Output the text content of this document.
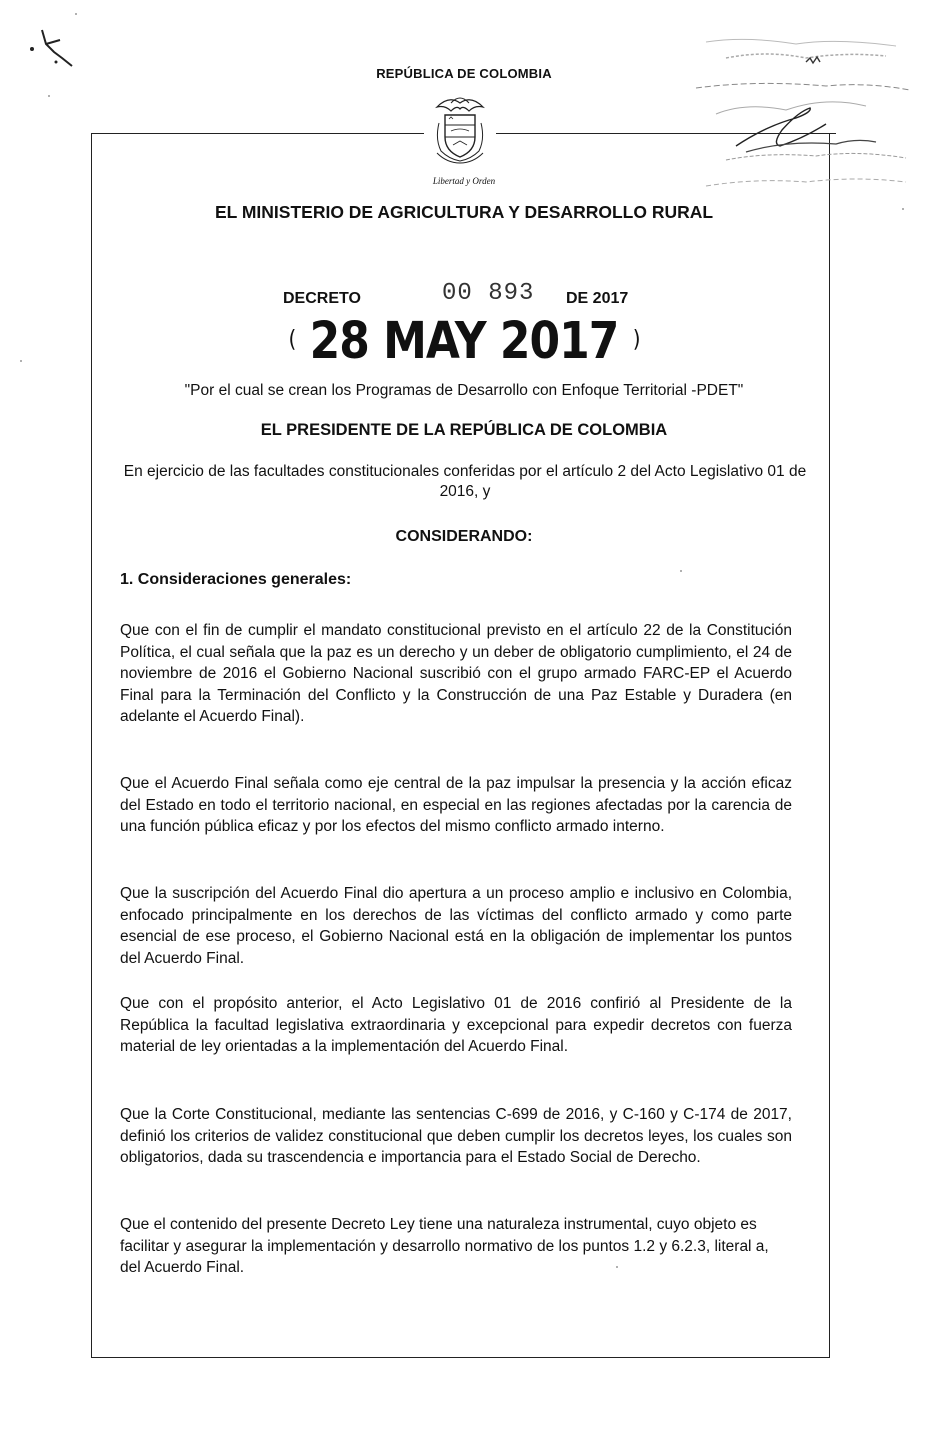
REPÚBLICA DE COLOMBIA
Libertad y Orden
EL MINISTERIO DE AGRICULTURA Y DESARROLLO RURAL
DECRETO	00 893 DE 2017
( 28 MAY 2017 )
"Por el cual se crean los Programas de Desarrollo con Enfoque Territorial -PDET"
EL PRESIDENTE DE LA REPÚBLICA DE COLOMBIA
En ejercicio de las facultades constitucionales conferidas por el artículo 2 del Acto Legislativo 01 de 2016, y
CONSIDERANDO:
1. Consideraciones generales:
Que con el fin de cumplir el mandato constitucional previsto en el artículo 22 de la Constitución Política, el cual señala que la paz es un derecho y un deber de obligatorio cumplimiento, el 24 de noviembre de 2016 el Gobierno Nacional suscribió con el grupo armado FARC-EP el Acuerdo Final para la Terminación del Conflicto y la Construcción de una Paz Estable y Duradera (en adelante el Acuerdo Final).
Que el Acuerdo Final señala como eje central de la paz impulsar la presencia y la acción eficaz del Estado en todo el territorio nacional, en especial en las regiones afectadas por la carencia de una función pública eficaz y por los efectos del mismo conflicto armado interno.
Que la suscripción del Acuerdo Final dio apertura a un proceso amplio e inclusivo en Colombia, enfocado principalmente en los derechos de las víctimas del conflicto armado y como parte esencial de ese proceso, el Gobierno Nacional está en la obligación de implementar los puntos del Acuerdo Final.
Que con el propósito anterior, el Acto Legislativo 01 de 2016 confirió al Presidente de la República la facultad legislativa extraordinaria y excepcional para expedir decretos con fuerza material de ley orientadas a la implementación del Acuerdo Final.
Que la Corte Constitucional, mediante las sentencias C-699 de 2016, y C-160 y C-174 de 2017, definió los criterios de validez constitucional que deben cumplir los decretos leyes, los cuales son obligatorios, dada su trascendencia e importancia para el Estado Social de Derecho.
Que el contenido del presente Decreto Ley tiene una naturaleza instrumental, cuyo objeto es facilitar y asegurar la implementación y desarrollo normativo de los puntos 1.2 y 6.2.3, literal a, del Acuerdo Final.
